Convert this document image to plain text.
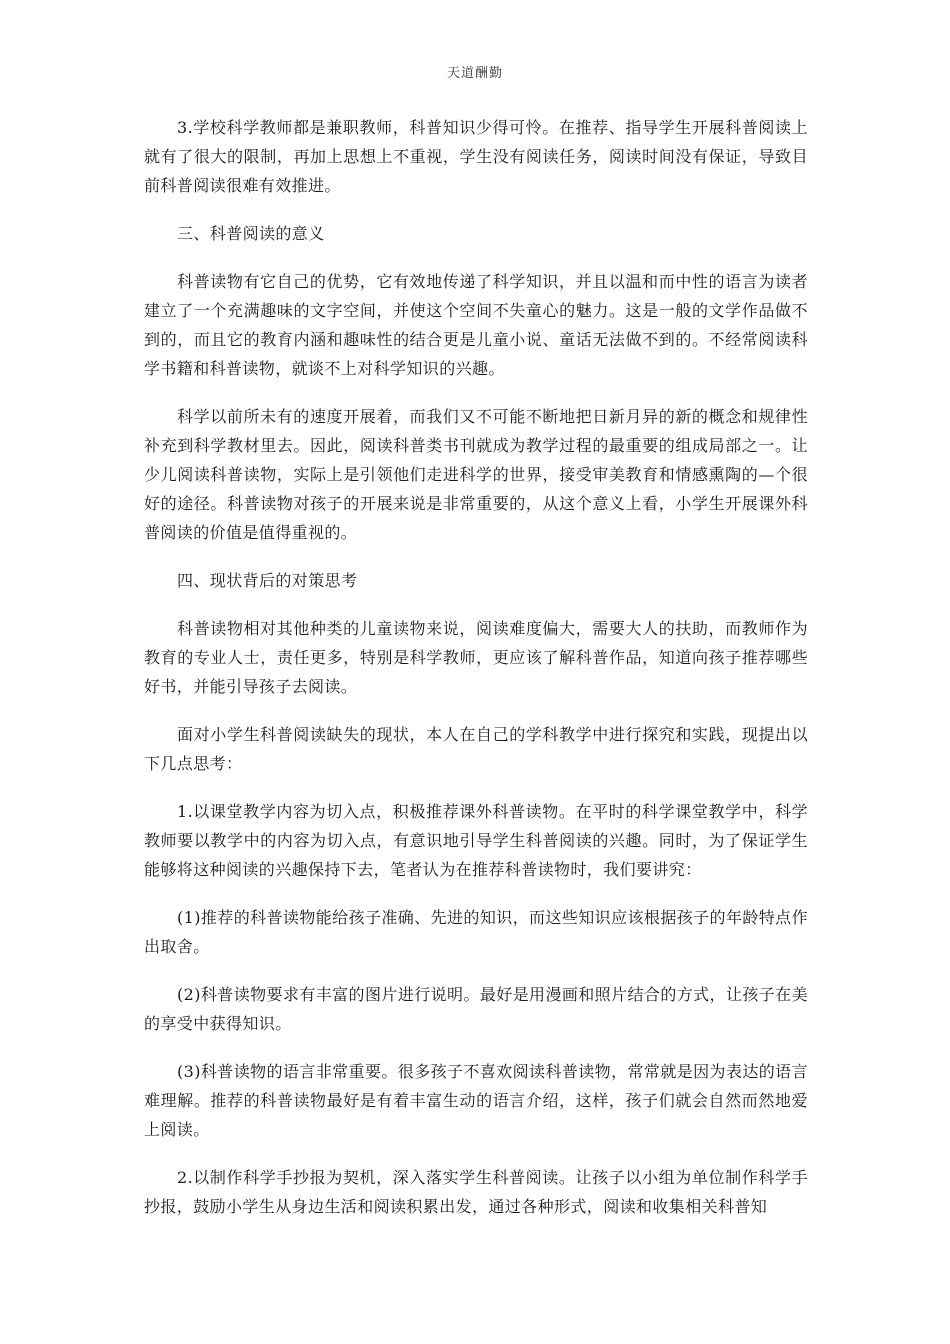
天道酬勤

3.学校科学教师都是兼职教师，科普知识少得可怜。在推荐、指导学生开展科普阅读上就有了很大的限制，再加上思想上不重视，学生没有阅读任务，阅读时间没有保证，导致目前科普阅读很难有效推进。

三、科普阅读的意义

科普读物有它自己的优势，它有效地传递了科学知识，并且以温和而中性的语言为读者建立了一个充满趣味的文字空间，并使这个空间不失童心的魅力。这是一般的文学作品做不到的，而且它的教育内涵和趣味性的结合更是儿童小说、童话无法做不到的。不经常阅读科学书籍和科普读物，就谈不上对科学知识的兴趣。

科学以前所未有的速度开展着，而我们又不可能不断地把日新月异的新的概念和规律性补充到科学教材里去。因此，阅读科普类书刊就成为教学过程的最重要的组成局部之一。让少儿阅读科普读物，实际上是引领他们走进科学的世界，接受审美教育和情感熏陶的—个很好的途径。科普读物对孩子的开展来说是非常重要的，从这个意义上看，小学生开展课外科普阅读的价值是值得重视的。

四、现状背后的对策思考

科普读物相对其他种类的儿童读物来说，阅读难度偏大，需要大人的扶助，而教师作为教育的专业人士，责任更多，特别是科学教师，更应该了解科普作品，知道向孩子推荐哪些好书，并能引导孩子去阅读。

面对小学生科普阅读缺失的现状，本人在自己的学科教学中进行探究和实践，现提出以下几点思考：

1.以课堂教学内容为切入点，积极推荐课外科普读物。在平时的科学课堂教学中，科学教师要以教学中的内容为切入点，有意识地引导学生科普阅读的兴趣。同时，为了保证学生能够将这种阅读的兴趣保持下去，笔者认为在推荐科普读物时，我们要讲究：

(1)推荐的科普读物能给孩子准确、先进的知识，而这些知识应该根据孩子的年龄特点作出取舍。

(2)科普读物要求有丰富的图片进行说明。最好是用漫画和照片结合的方式，让孩子在美的享受中获得知识。

(3)科普读物的语言非常重要。很多孩子不喜欢阅读科普读物，常常就是因为表达的语言难理解。推荐的科普读物最好是有着丰富生动的语言介绍，这样，孩子们就会自然而然地爱上阅读。

2.以制作科学手抄报为契机，深入落实学生科普阅读。让孩子以小组为单位制作科学手抄报，鼓励小学生从身边生活和阅读积累出发，通过各种形式，阅读和收集相关科普知
